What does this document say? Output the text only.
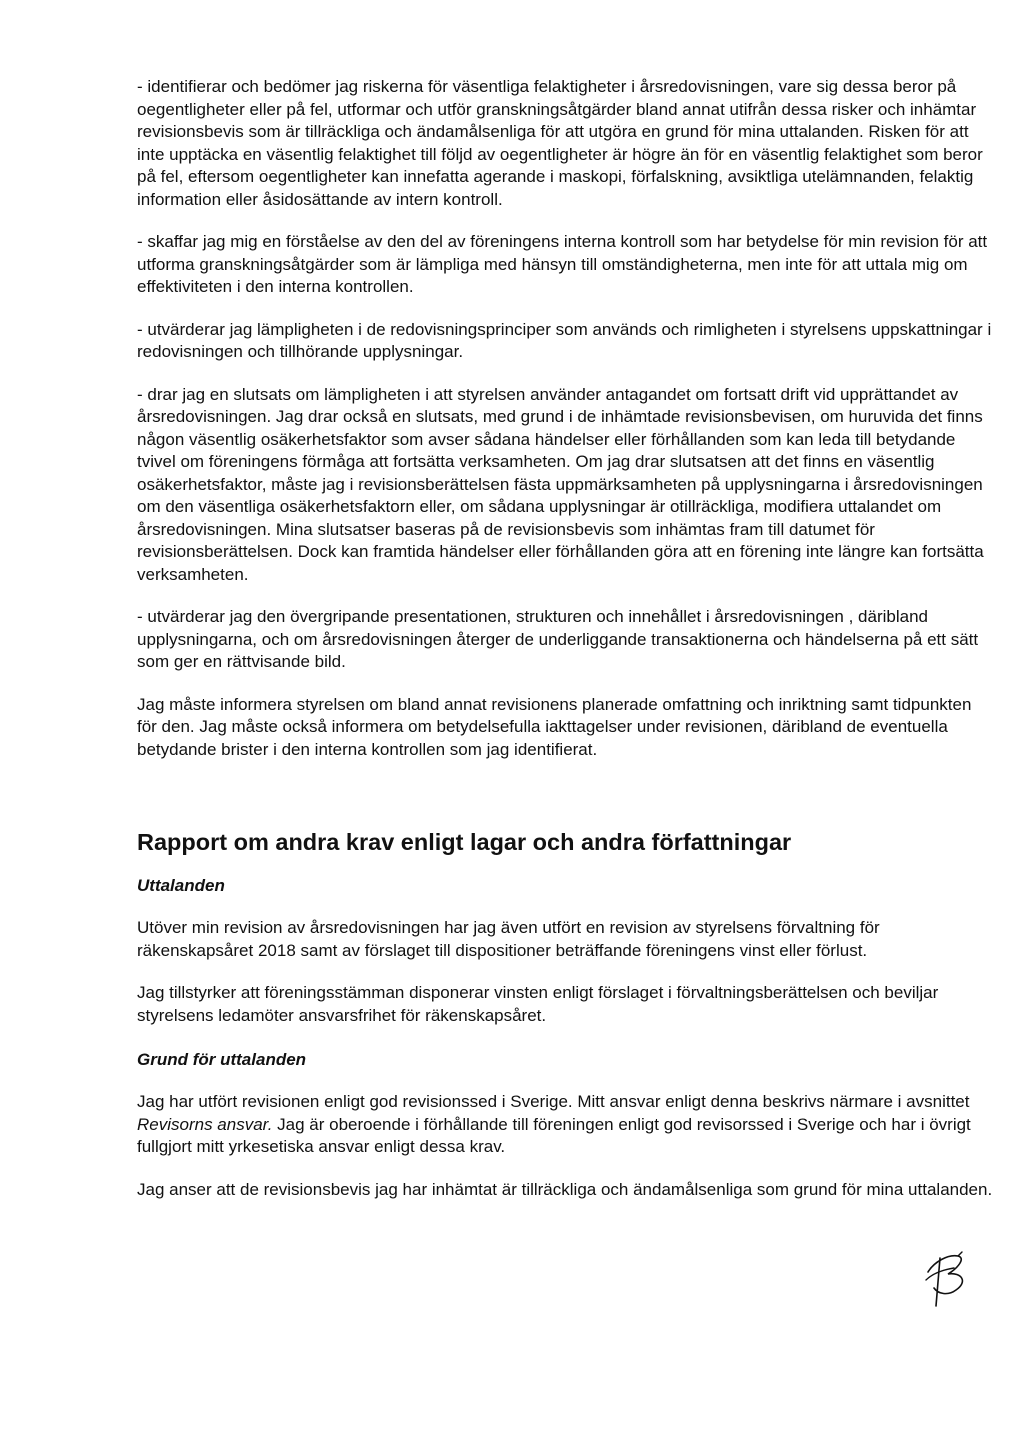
- identifierar och bedömer jag riskerna för väsentliga felaktigheter i årsredovisningen, vare sig dessa beror på oegentligheter eller på fel, utformar och utför granskningsåtgärder bland annat utifrån dessa risker och inhämtar revisionsbevis som är tillräckliga och ändamålsenliga för att utgöra en grund för mina uttalanden. Risken för att inte upptäcka en väsentlig felaktighet till följd av oegentligheter är högre än för en väsentlig felaktighet som beror på fel, eftersom oegentligheter kan innefatta agerande i maskopi, förfalskning, avsiktliga utelämnanden, felaktig information eller åsidosättande av intern kontroll.

- skaffar jag mig en förståelse av den del av föreningens interna kontroll som har betydelse för min revision för att utforma granskningsåtgärder som är lämpliga med hänsyn till omständigheterna, men inte för att uttala mig om effektiviteten i den interna kontrollen.

- utvärderar jag lämpligheten i de redovisningsprinciper som används och rimligheten i styrelsens uppskattningar i redovisningen och tillhörande upplysningar.

- drar jag en slutsats om lämpligheten i att styrelsen använder antagandet om fortsatt drift vid upprättandet av årsredovisningen. Jag drar också en slutsats, med grund i de inhämtade revisionsbevisen, om huruvida det finns någon väsentlig osäkerhetsfaktor som avser sådana händelser eller förhållanden som kan leda till betydande tvivel om föreningens förmåga att fortsätta verksamheten. Om jag drar slutsatsen att det finns en väsentlig osäkerhetsfaktor, måste jag i revisionsberättelsen fästa uppmärksamheten på upplysningarna i årsredovisningen om den väsentliga osäkerhetsfaktorn eller, om sådana upplysningar är otillräckliga, modifiera uttalandet om årsredovisningen. Mina slutsatser baseras på de revisionsbevis som inhämtas fram till datumet för revisionsberättelsen. Dock kan framtida händelser eller förhållanden göra att en förening inte längre kan fortsätta verksamheten.

- utvärderar jag den övergripande presentationen, strukturen och innehållet i årsredovisningen , däribland upplysningarna, och om årsredovisningen återger de underliggande transaktionerna och händelserna på ett sätt som ger en rättvisande bild.

Jag måste informera styrelsen om bland annat revisionens planerade omfattning och inriktning samt tidpunkten för den. Jag måste också informera om betydelsefulla iakttagelser under revisionen, däribland de eventuella betydande brister i den interna kontrollen som jag identifierat.

Rapport om andra krav enligt lagar och andra författningar
Uttalanden

Utöver min revision av årsredovisningen har jag även utfört en revision av styrelsens förvaltning för räkenskapsåret 2018 samt av förslaget till dispositioner beträffande föreningens vinst eller förlust.

Jag tillstyrker att föreningsstämman disponerar vinsten enligt förslaget i förvaltningsberättelsen och beviljar styrelsens ledamöter ansvarsfrihet för räkenskapsåret.

Grund för uttalanden

Jag har utfört revisionen enligt god revisionssed i Sverige. Mitt ansvar enligt denna beskrivs närmare i avsnittet Revisorns ansvar. Jag är oberoende i förhållande till föreningen enligt god revisorssed i Sverige och har i övrigt fullgjort mitt yrkesetiska ansvar enligt dessa krav.

Jag anser att de revisionsbevis jag har inhämtat är tillräckliga och ändamålsenliga som grund för mina uttalanden.
